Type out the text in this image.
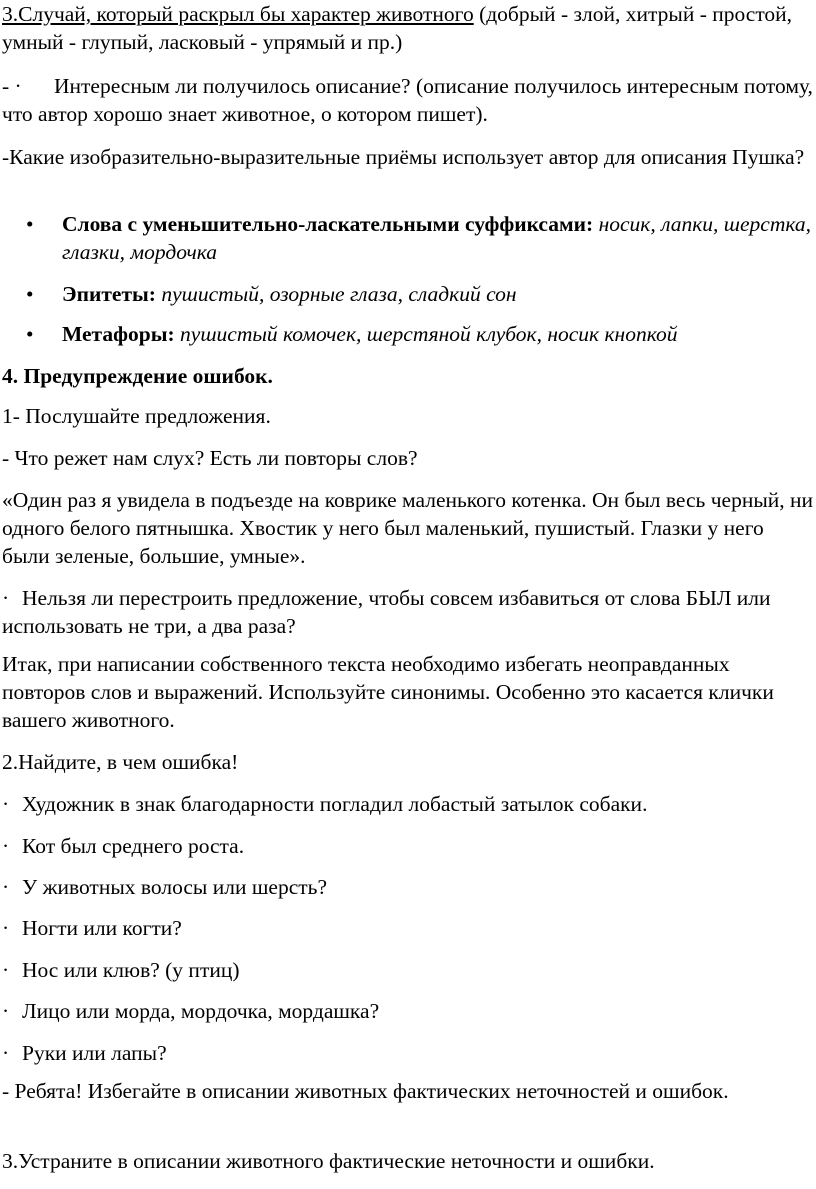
3.Случай, который раскрыл бы характер животного (добрый - злой, хитрый - простой, умный - глупый, ласковый - упрямый и пр.)

- · Интересным ли получилось описание? (описание получилось интересным потому, что автор хорошо знает животное, о котором пишет).

-Какие изобразительно-выразительные приёмы использует автор для описания Пушка?

• Слова с уменьшительно-ласкательными суффиксами: носик, лапки, шерстка, глазки, мордочка
• Эпитеты: пушистый, озорные глаза, сладкий сон
• Метафоры: пушистый комочек, шерстяной клубок, носик кнопкой

4. Предупреждение ошибок.

1- Послушайте предложения.

- Что режет нам слух? Есть ли повторы слов?

«Один раз я увидела в подъезде на коврике маленького котенка. Он был весь черный, ни одного белого пятнышка. Хвостик у него был маленький, пушистый. Глазки у него были зеленые, большие, умные».

· Нельзя ли перестроить предложение, чтобы совсем избавиться от слова БЫЛ или использовать не три, а два раза?

Итак, при написании собственного текста необходимо избегать неоправданных повторов слов и выражений. Используйте синонимы. Особенно это касается клички вашего животного.

2.Найдите, в чем ошибка!

· Художник в знак благодарности погладил лобастый затылок собаки.

· Кот был среднего роста.

· У животных волосы или шерсть?

· Ногти или когти?

· Нос или клюв? (у птиц)

· Лицо или морда, мордочка, мордашка?

· Руки или лапы?

- Ребята! Избегайте в описании животных фактических неточностей и ошибок.

3.Устраните в описании животного фактические неточности и ошибки.
